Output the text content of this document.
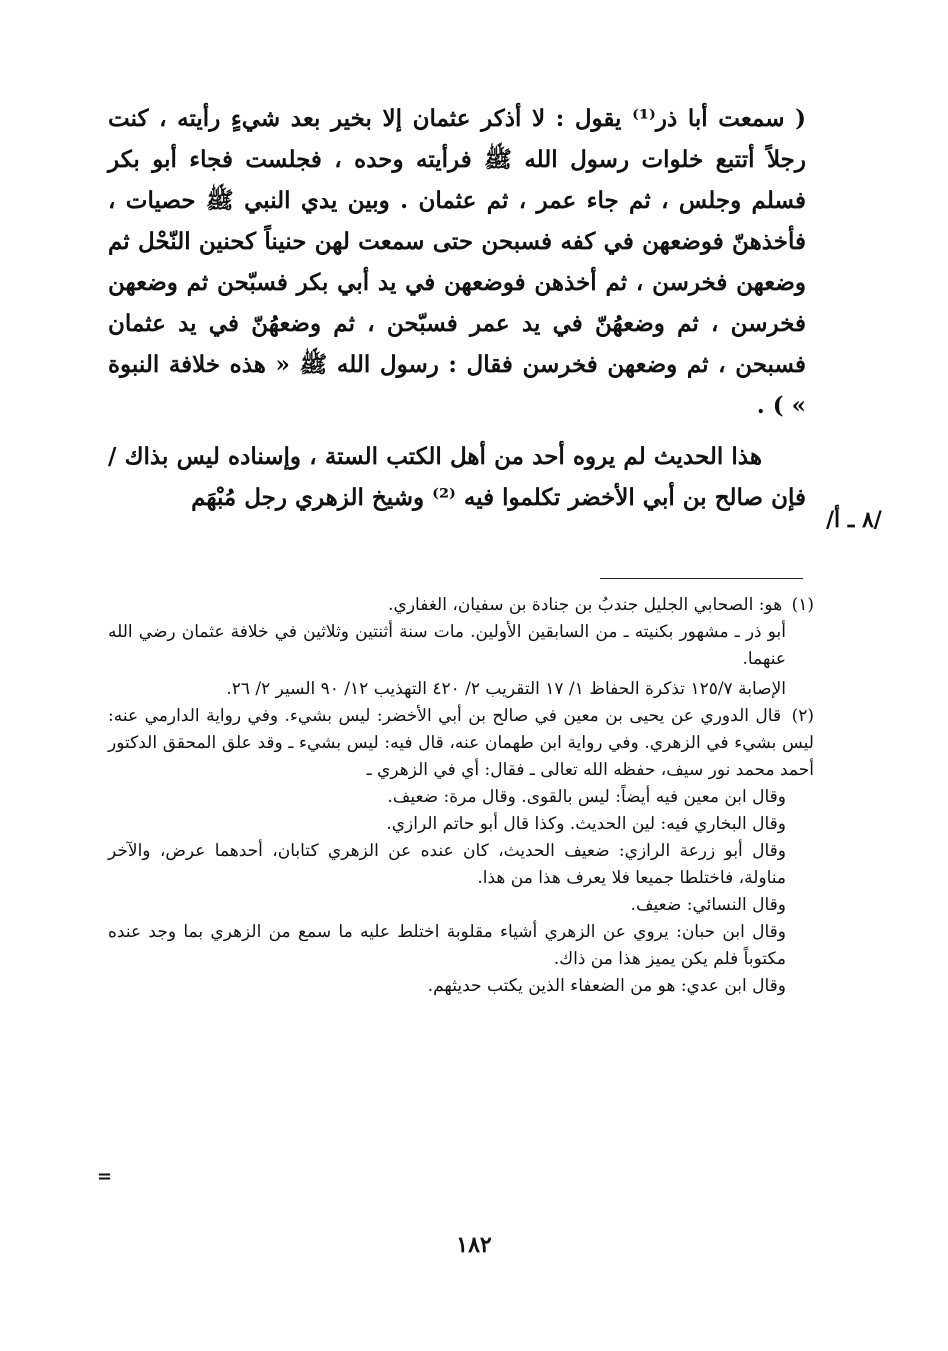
( سمعت أبا ذر⁽¹⁾ يقول : لا أذكر عثمان إلا بخير بعد شيءٍ رأيته ، كنت رجلاً أتتبع خلوات رسول الله ﷺ فرأيته وحده ، فجلست فجاء أبو بكر فسلم وجلس ، ثم جاء عمر ، ثم عثمان . وبين يدي النبي ﷺ حصيات ، فأخذهنّ فوضعهن في كفه فسبحن حتى سمعت لهن حنيناً كحنين النّحْل ثم وضعهن فخرسن ، ثم أخذهن فوضعهن في يد أبي بكر فسبّحن ثم وضعهن فخرسن ، ثم وضعهُنّ في يد عمر فسبّحن ، ثم وضعهُنّ في يد عثمان فسبحن ، ثم وضعهن فخرسن فقال : رسول الله ﷺ « هذه خلافة النبوة » ) .

هذا الحديث لم يروه أحد من أهل الكتب الستة ، وإسناده ليس بذاك / فإن صالح بن أبي الأخضر تكلموا فيه ⁽²⁾ وشيخ الزهري رجل مُبْهَم

/٨ ـ أ/

(١) هو: الصحابي الجليل جندبُ بن جنادة بن سفيان، الغفاري.

أبو ذر ـ مشهور بكنيته ـ من السابقين الأولين. مات سنة أثنتين وثلاثين في خلافة عثمان رضي الله عنهما.

الإصابة ١٢٥/٧ تذكرة الحفاظ ١/ ١٧ التقريب ٢/ ٤٢٠ التهذيب ١٢/ ٩٠ السير ٢/ ٢٦.

(٢) قال الدوري عن يحيى بن معين في صالح بن أبي الأخضر: ليس بشيء. وفي رواية الدارمي عنه: ليس بشيء في الزهري. وفي رواية ابن طهمان عنه، قال فيه: ليس بشيء ـ وقد علق المحقق الدكتور أحمد محمد نور سيف، حفظه الله تعالى ـ فقال: أي في الزهري ـ

وقال ابن معين فيه أيضاً: ليس بالقوى. وقال مرة: ضعيف.

وقال البخاري فيه: لين الحديث. وكذا قال أبو حاتم الرازي.

وقال أبو زرعة الرازي: ضعيف الحديث، كان عنده عن الزهري كتابان، أحدهما عرض، والآخر مناولة، فاختلطا جميعا فلا يعرف هذا من هذا.

وقال النسائي: ضعيف.

وقال ابن حبان: يروي عن الزهري أشياء مقلوبة اختلط عليه ما سمع من الزهري بما وجد عنده مكتوباً فلم يكن يميز هذا من ذاك.

وقال ابن عدي: هو من الضعفاء الذين يكتب حديثهم.

=
١٨٢
